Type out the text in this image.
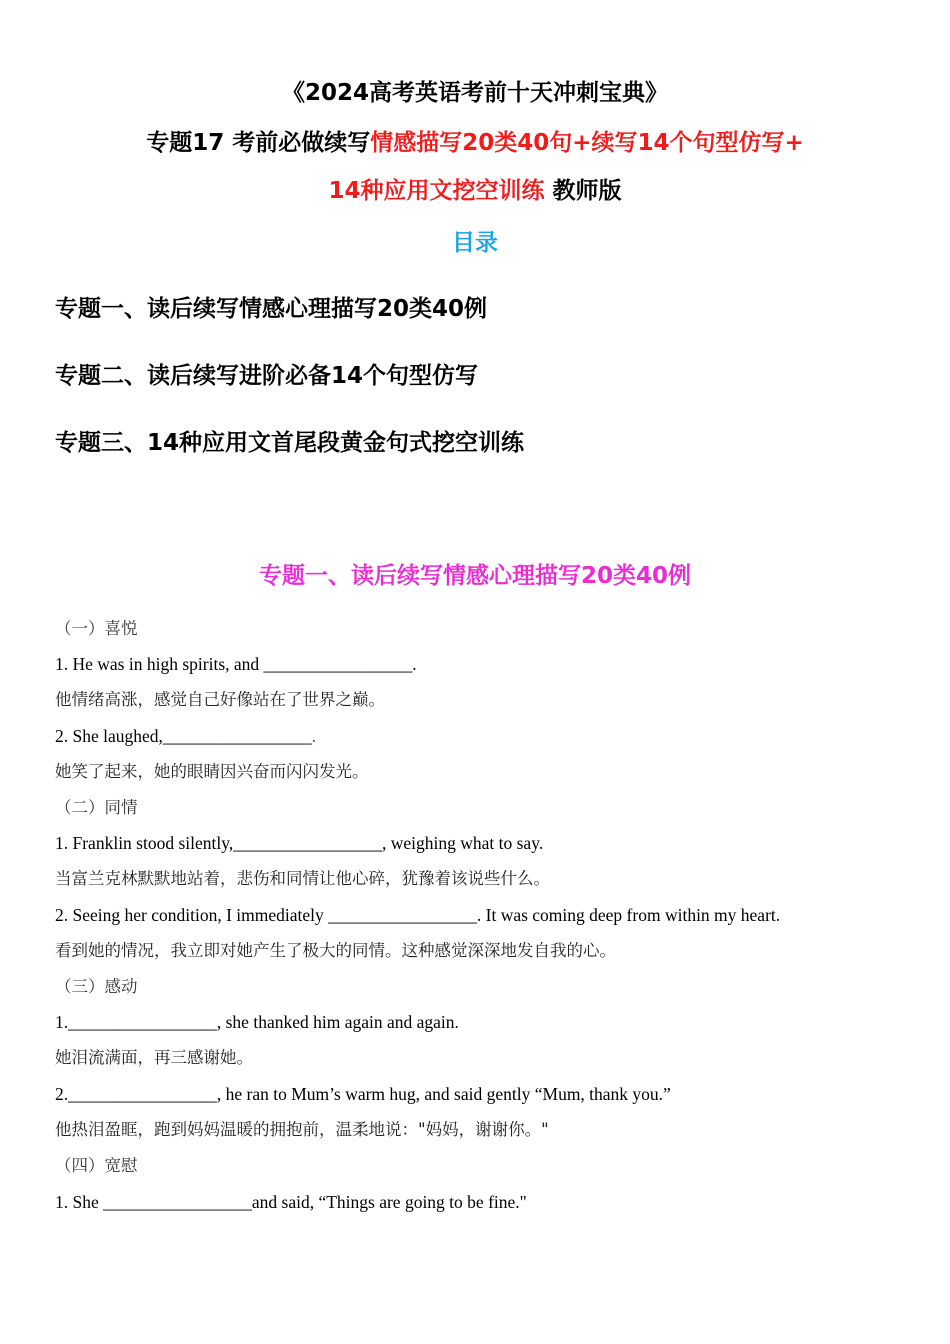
《2024高考英语考前十天冲刺宝典》
专题17 考前必做续写情感描写20类40句+续写14个句型仿写+
14种应用文挖空训练 教师版
目录
专题一、读后续写情感心理描写20类40例
专题二、读后续写进阶必备14个句型仿写
专题三、14种应用文首尾段黄金句式挖空训练
专题一、读后续写情感心理描写20类40例
（一）喜悦
1. He was in high spirits, and _________________.
他情绪高涨，感觉自己好像站在了世界之巅。
2. She laughed,_________________.
她笑了起来，她的眼睛因兴奋而闪闪发光。
（二）同情
1. Franklin stood silently,_________________, weighing what to say.
当富兰克林默默地站着，悲伤和同情让他心碎，犹豫着该说些什么。
2. Seeing her condition, I immediately _________________. It was coming deep from within my heart.
看到她的情况，我立即对她产生了极大的同情。这种感觉深深地发自我的心。
（三）感动
1._________________, she thanked him again and again.
她泪流满面，再三感谢她。
2._________________, he ran to Mum’s warm hug, and said gently “Mum, thank you.”
他热泪盈眶，跑到妈妈温暖的拥抱前，温柔地说："妈妈，谢谢你。"
（四）宽慰
1. She _________________and said, “Things are going to be fine."
